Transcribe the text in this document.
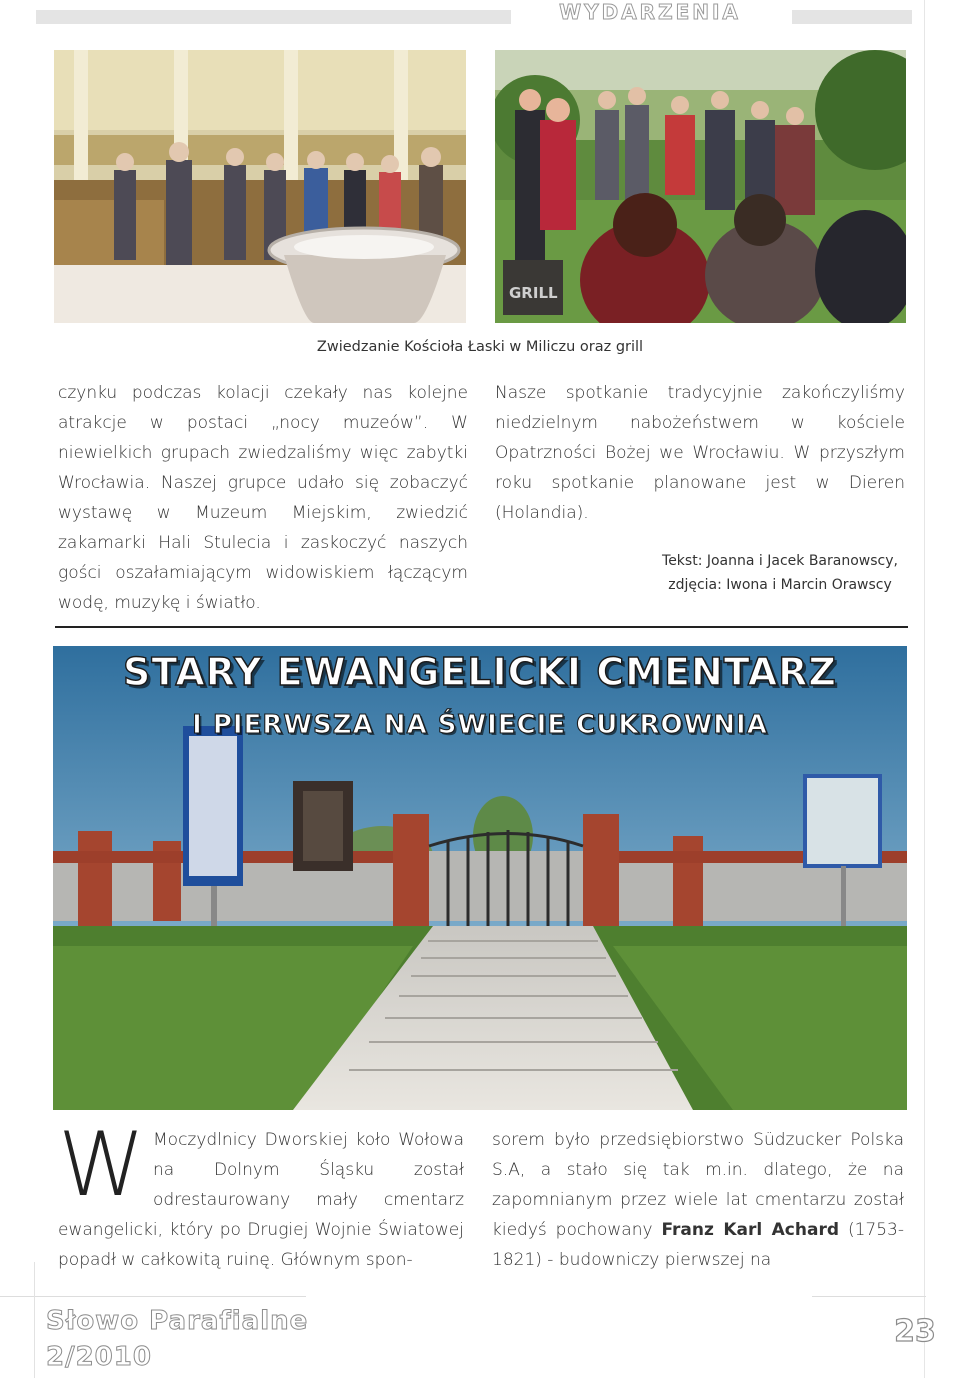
WYDARZENIA
GRILL
Zwiedzanie Kościoła Łaski w Miliczu oraz grill

czynku podczas kolacji czekały nas kolejne atrakcje w postaci „nocy muzeów”. W niewielkich grupach zwiedzaliśmy więc zabytki Wrocławia. Naszej grupce udało się zobaczyć wystawę w Muzeum Miejskim, zwiedzić zakamarki Hali Stulecia i zaskoczyć naszych gości oszałamiającym widowiskiem łączącym wodę, muzykę i światło.

Nasze spotkanie tradycyjnie zakończyliśmy niedzielnym nabożeństwem w kościele Opatrzności Bożej we Wrocławiu. W przyszłym roku spotkanie planowane jest w Dieren (Holandia).

Tekst: Joanna i Jacek Baranowscy,
zdjęcia: Iwona i Marcin Orawscy
STARY EWANGELICKI CMENTARZ
I PIERWSZA NA ŚWIECIE CUKROWNIA
W Moczydlnicy Dworskiej koło Wołowa na Dolnym Śląsku został odrestaurowany mały cmentarz ewangelicki, który po Drugiej Wojnie Światowej popadł w całkowitą ruinę. Głównym spon-

sorem było przedsiębiorstwo Südzucker Polska S.A, a stało się tak m.in. dlatego, że na zapomnianym przez wiele lat cmentarzu został kiedyś pochowany Franz Karl Achard (1753-1821) - budowniczy pierwszej na

Słowo Parafialne
2/2010
23
